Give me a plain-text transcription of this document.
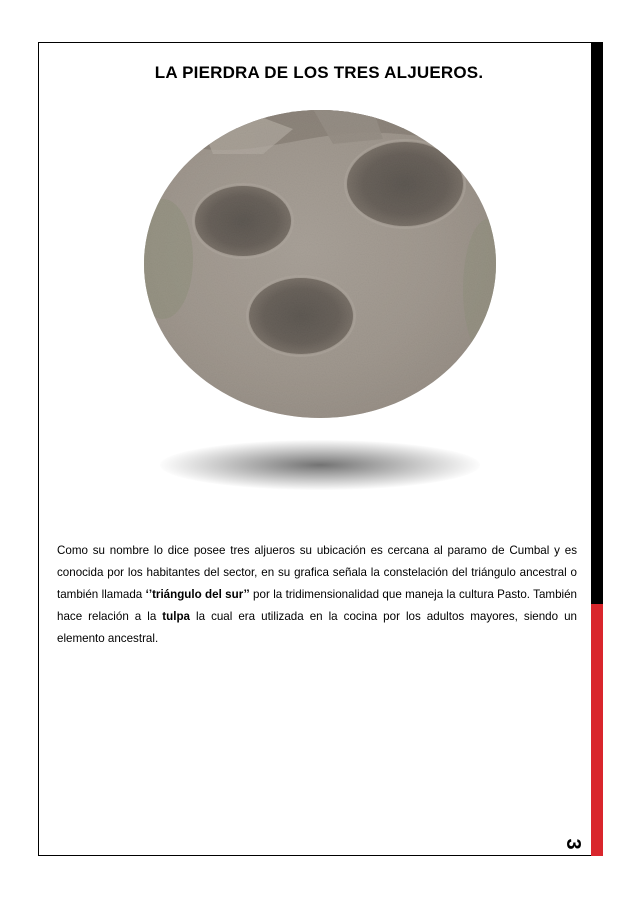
LA PIERDRA DE LOS TRES ALJUEROS.

Como su nombre lo dice posee tres aljueros su ubicación es cercana al paramo de Cumbal y es conocida por los habitantes del sector, en su grafica señala la constelación del triángulo ancestral o también llamada ‘’triángulo del sur’’ por la tridimensionalidad que maneja la cultura Pasto. También hace relación a la tulpa la cual era utilizada en la cocina por los adultos mayores, siendo un elemento ancestral.

3
